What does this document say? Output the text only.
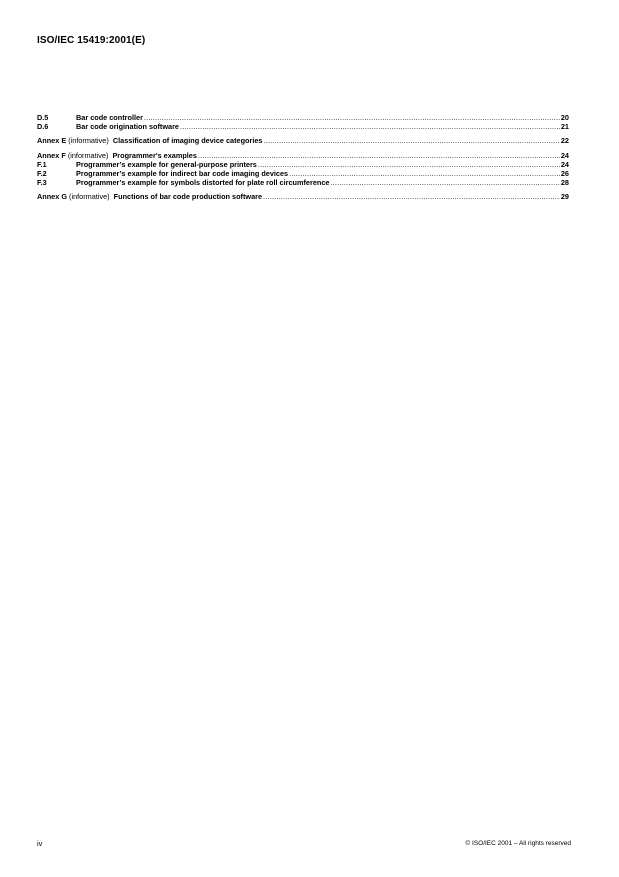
ISO/IEC 15419:2001(E)
D.5	Bar code controller .....	20
D.6	Bar code origination software .....	21
Annex E (informative) Classification of imaging device categories .....	22
Annex F (informative) Programmer's examples .....	24
F.1	Programmer’s example for general-purpose printers .....	24
F.2	Programmer’s example for indirect bar code imaging devices .....	26
F.3	Programmer’s example for symbols distorted for plate roll circumference .....	28
Annex G (informative) Functions of bar code production software .....	29
iv	© ISO/IEC 2001 – All rights reserved
